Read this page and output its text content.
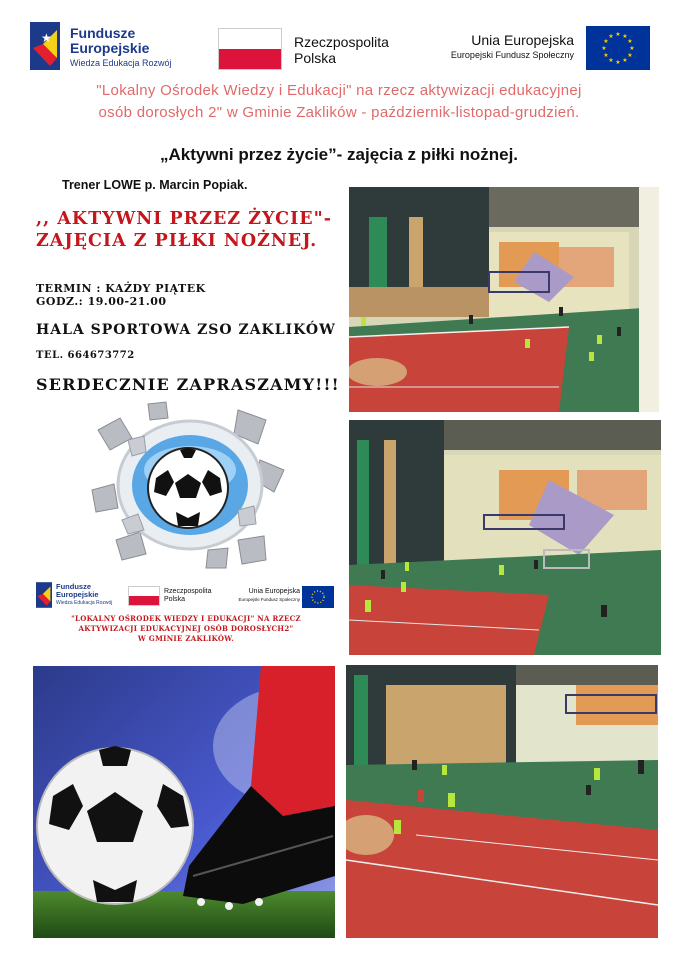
★ Fundusze
Europejskie
Wiedza Edukacja Rozwój
Rzeczpospolita
Polska
Unia Europejska
Europejski Fundusz Społeczny
★ ★
★
★
★
★
★
★
★
★
★
★
"Lokalny Ośrodek Wiedzy i Edukacji" na rzecz aktywizacji edukacyjnej
osób dorosłych 2" w Gminie Zaklików - październik-listopad-grudzień.
„Aktywni przez życie”- zajęcia z piłki nożnej.
Trener LOWE p. Marcin Popiak.
,, AKTYWNI PRZEZ ŻYCIE"-
ZAJĘCIA Z PIŁKI NOŻNEJ.
TERMIN : KAŻDY PIĄTEK
GODZ.: 19.00-21.00
HALA SPORTOWA ZSO ZAKLIKÓW
TEL. 664673772
SERDECZNIE ZAPRASZAMY!!!
Fundusze
Europejskie
Wiedza Edukacja Rozwój
Rzeczpospolita
Polska
Unia Europejska
Europejski Fundusz Społeczny
"LOKALNY OŚRODEK WIEDZY I EDUKACJI" NA RZECZ
AKTYWIZACJI EDUKACYJNEJ OSÓB DOROSŁYCH2"
W GMINIE ZAKLIKÓW.
